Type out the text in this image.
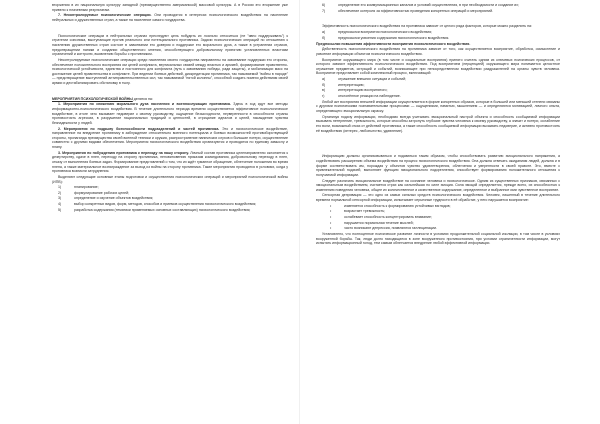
вторжения в их национальную культуру западной (преимущественно американской) массовой культуры. А в России это вторжение уже привело к плачевным результатам.

7. Неконтролируемые психологические операции. Они проводятся в интересах психологического воздействия на население нейтральных и дружественных стран, а также на население самого государства.

Психологические операции в нейтральных странах преследуют цель побудить их лояльно относиться (не "явно поддерживать") к стратегии союзника, выступающие против реального или потенциального противника. Задачи психологических операций по отношению к населению дружественных стран состоят в завоевании его доверия и поддержке его морального духа, а также в устранении страхов, предотвращении паники и создании общественного мнения, способствующего добровольному принятию установленных властями ограничений и контролю, выявлению борьбы с противником.

Неконтролируемые психологические операции среди населения своего государства направлены на завоевание поддержки его стороны, обеспечение положительного восприятия им целей конфликта, вертикальных связей между властью и армией, формирование нравственно-психологической устойчивости, единства и постоянного для конфликта (путь к завоеванию победы, ради защиты), и мобилизации масс на достижение целей правительства в конфликте. При ведении боевых действий, дискредитации противника, так называемой "войны в народе" — предотвращение выступлений антиправительственных сил, так называемой "пятой колонны", способной создать помехи действиям своей армии и дестабилизировать обстановку в тылу.

МЕРОПРИЯТИЯ ПСИХОЛОГИЧЕСКОЙ ВОЙНЫ делятся на:

1. Мероприятия по снижению морального духа населения и военнослужащих противника. Здесь в ход идут все методы информационно-психологического воздействия. В течение длительного периода времени осуществляется эффективное психологическое воздействие, в итоге чего вызывает недоверие к своему руководству, ощущение безысходности, неуверенности в способности страны противостоять агрессии, в разрушение национальных традиций и ценностей, в отрицание идеалов и целей, насаждение чувства безнадежности у людей.

2. Мероприятия по подрыву боеспособности подразделений и частей противника. Это и психологическое воздействие, направленное на внедрение противнику в заблуждение относительно военного потенциала и боевых возможностей противоборствующей стороны, пропаганда преимущества своей военной техники и оружия, распространение панических слухов и большие потери, осуществление совместно с другими видами обеспечения. Мероприятия психологического воздействия организуются и проводятся по единому замыслу и плану.

3. Мероприятия по побуждению противника к переходу на нашу сторону. Личный состав противника целенаправленно склоняется к дезертирству, сдаче в плен, переходу на сторону противника, неповиновению приказам командования, добровольному переходу в плен, отказу от выполнения боевых задач. Формирование представлений о том, что их ждёт гуманное обращение, облегчение положения во время плена, а также материальное вознаграждение за выход из войны на сторону противника. Такие мероприятия проводятся в условиях, когда у противника возникли затруднения.

Выделяют следующие основные этапы подготовки и осуществления психологических операций и мероприятий психологической войны (ИПВ):

1)	планирование;
2)	формулирование рабочих целей;
3)	определение и изучение объектов воздействия;
4)	выбор конкретных видов, форм, методов, способов и приемов осуществления психологического воздействия;
5)	разработка содержания (тематики применяемых основных составляющих) психологического воздействия;
6)	определение его коммуникационных каналов и условий осуществления, в при необходимости и создание их;
7)	обеспечение контроля за эффективностью проведения конкретных операций и мероприятий.

Эффективность психологического воздействия на противника зависит от целого ряда факторов, которые можно разделить на:

a)	предпосылки восприятия психологического воздействия;
б)	предпосылки усвоения содержания психологического воздействия.

Предпосылки повышения эффективности восприятия психологического воздействия.

Действенность психологического воздействия на противника зависит от того, как осуществляется восприятие, обработка, осмысление и усвоение информации объектом психологического воздействия.

Восприятие окружающего мира (в том числе и социальные восприятия) принято считать одним из ключевых психических процессов, от которого зависит эффективность психологического воздействия. Под восприятием (перцепцией) окружающего мира понимается целостное отражение предметов, ситуаций и событий, возникающее при непосредственном воздействии раздражителей на органы чувств человека. Восприятие представляет собой комплексный процесс, включающий:

а)	отражение внешних ситуации и событий;
б)	интерпретацию;
в)	интерпретацию воспринятого;
г)	отклонённое реакции на наблюдение.

Любой акт восприятия внешней информации осуществляется в форме конкретных образов, которые в большей или меньшей степени связаны с другими психическими познавательными процессами — ощущениями, памятью, мышлением — и определяются мотивацией, личного опыта, определяющего эмоциональную окраску.

Организуя подачу информации, необходимо всегда учитывать эмоциональный настрой объекта и способность сообщаемой информации вызывать нетерпение, тревожность, которые способны затронуть глубокие чувства человека к своему руководству, а значит и потери, ослабление его воли, возможный отказ от действий противника, а также способность сообщаемой информации вызывать недоверие, и активно противостоять её воздействию (интерес, любопытство, удивление).

Информацию должны организовываться и подаваться таким образом, чтобы способствовать развитию эмоционального напряжения, а содействовать расширению объема воздействия на процесс психологического воздействия. Она должна отвечать ожиданиям людей, должна и в форме соответствовать им, порождая у объектов чувство удовлетворения, облегчения и уверенности в своей правоте. Это, вместе с привлекательной подачей, выполняет функцию эмоционального подкрепления, способствует формированию положительного отношения к получаемой информации.

Следует различать эмоциональное воздействие на сознание человека и психологическое. Одним из существенных признаков, связанных с эмоциональным воздействием, считается страх как сильнейшая по силе эмоция. Сила эмоций определяется, прежде всего, их способностью к изменению поведения человека, общее их количественное и качественное содержание, определенное и выбранное ими чувственное восприятие.

Сенсорная депривация — это одно из самых сильных средств психологического воздействия. Человек, лишенный в течение длительного времени нормальной сенсорной информации, испытывает серьезные трудности в её обработке, у него нарушается восприятие:

•	изменяется способность к формированию устойчивых взглядов;
•	возрастает тревожность;
•	ослабевает способность концентрировать внимание;
•	нарушается нормальная течение мыслей;
•	часто возникают депрессия, появляются галлюцинации.

Установлено, что полноценное психическое развитие личности в условиях продолжительной социальной изоляции, в том числе в условиях вооруженной борьбы. Так, люди долго находящиеся в зоне вооруженного противостояния, при условии ограниченности информации, могут испытать информационный голод, тем самым облегчается внедрение любой эффективной информации.
